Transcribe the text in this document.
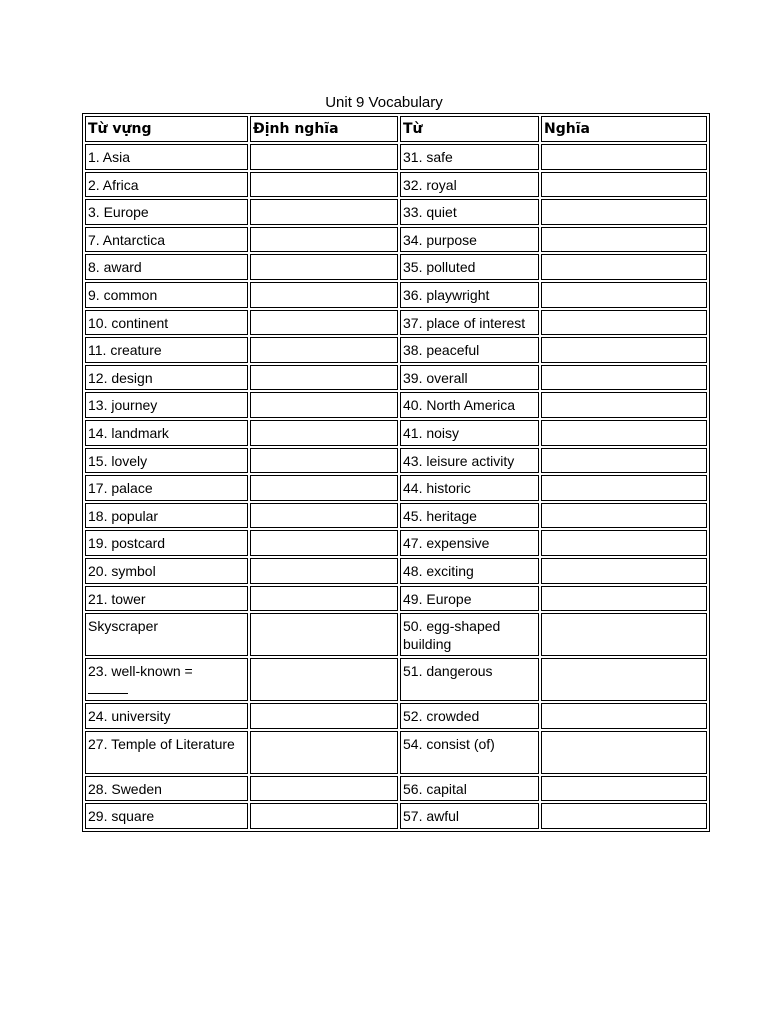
Unit 9 Vocabulary
Từ vựng	Định nghĩa	Từ	Nghĩa
1. Asia		31. safe	
2. Africa		32. royal	
3. Europe		33. quiet	
7. Antarctica		34. purpose	
8. award		35. polluted	
9. common		36. playwright	
10. continent		37. place of interest	
11. creature		38. peaceful	
12. design		39. overall	
13. journey		40. North America	
14. landmark		41. noisy	
15. lovely		43. leisure activity	
17. palace		44. historic	
18. popular		45. heritage	
19. postcard		47. expensive	
20. symbol		48. exciting	
21. tower		49. Europe	
Skyscraper		50. egg-shaped building	
23. well-known =		51. dangerous	
24. university		52. crowded	
27. Temple of Literature		54. consist (of)	
28. Sweden		56. capital	
29. square		57. awful	
